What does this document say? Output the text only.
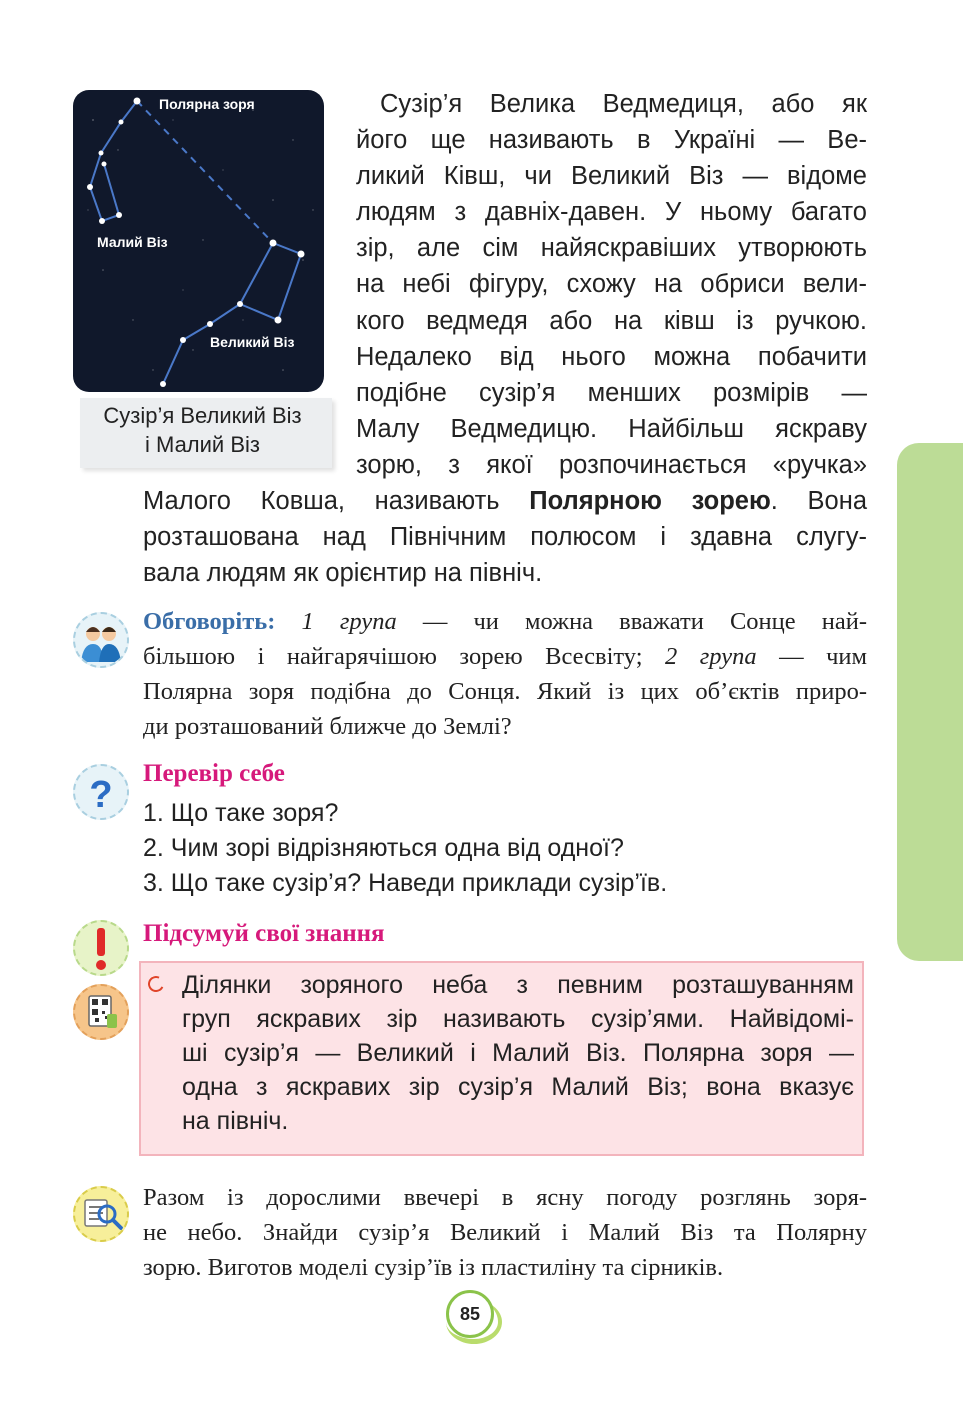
Полярна зоря
Малий Віз
Великий Віз
Сузір’я Великий Віз
і Малий Віз
Сузір’я Велика Ведмедиця, або як
його ще називають в Україні — Ве-
ликий Ківш, чи Великий Віз — відоме
людям з давніх-давен. У ньому багато
зір, але сім найяскравіших утворюють
на небі фігуру, схожу на обриси вели-
кого ведмедя або на ківш із ручкою.
Недалеко від нього можна побачити
подібне сузір’я менших розмірів —
Малу Ведмедицю. Найбільш яскраву
зорю, з якої розпочинається «ручка»
Малого Ковша, називають Полярною зорею. Вона
розташована над Північним полюсом і здавна слугу-
вала людям як орієнтир на північ.
Обговоріть: 1 група — чи можна вважати Сонце най-
більшою і найгарячішою зорею Всесвіту; 2 група — чим
Полярна зоря подібна до Сонця. Який із цих об’єктів приро-
ди розташований ближче до Землі?
?
Перевір себе
1. Що таке зоря?
2. Чим зорі відрізняються одна від одної?
3. Що таке сузір’я? Наведи приклади сузір’їв.
Підсумуй свої знання
Ділянки зоряного неба з певним розташуванням
груп яскравих зір називають сузір’ями. Найвідомі-
ші сузір’я — Великий і Малий Віз. Полярна зоря —
одна з яскравих зір сузір’я Малий Віз; вона вказує
на північ.
Разом із дорослими ввечері в ясну погоду розглянь зоря-
не небо. Знайди сузір’я Великий і Малий Віз та Полярну
зорю. Виготов моделі сузір’їв із пластиліну та сірників.
85
